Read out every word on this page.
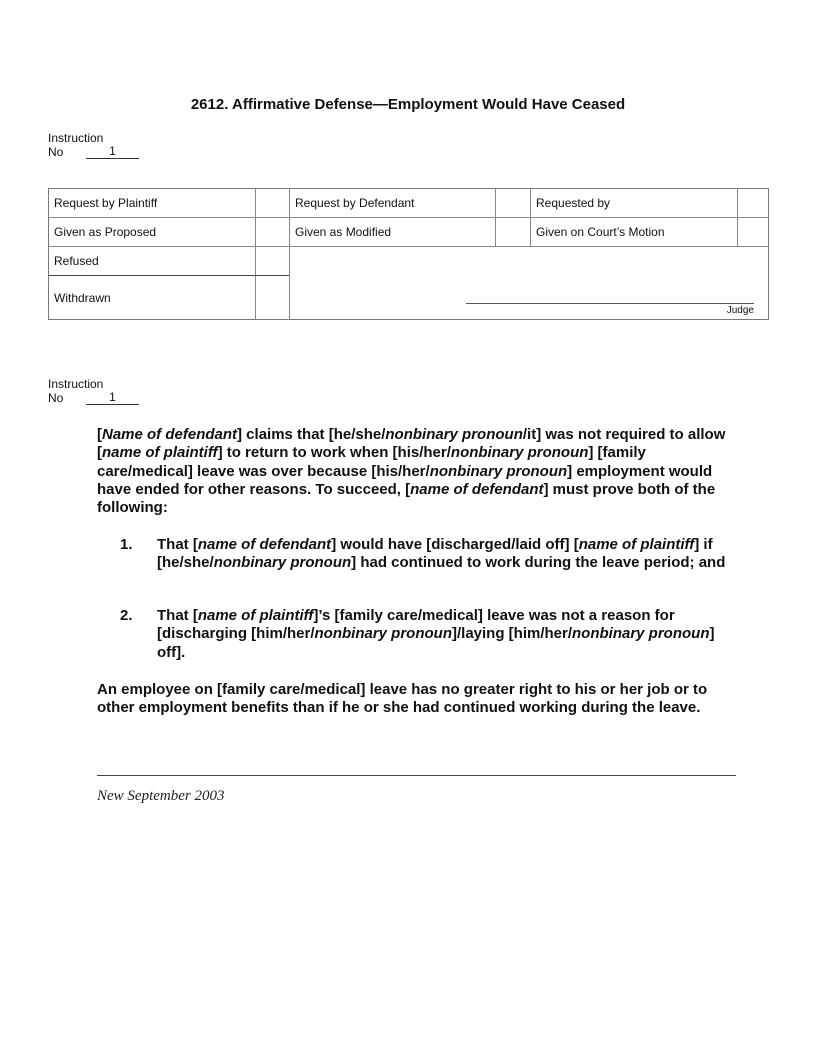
2612. Affirmative Defense—Employment Would Have Ceased
Instruction
No	1
Request by Plaintiff	Request by Defendant	Requested by
Given as Proposed	Given as Modified	Given on Court’s Motion
Refused
Withdrawn
Judge
Instruction
No	1
[Name of defendant] claims that [he/she/nonbinary pronoun/it] was not required to allow [name of plaintiff] to return to work when [his/her/nonbinary pronoun] [family care/medical] leave was over because [his/her/nonbinary pronoun] employment would have ended for other reasons. To succeed, [name of defendant] must prove both of the following:
1. That [name of defendant] would have [discharged/laid off] [name of plaintiff] if [he/she/nonbinary pronoun] had continued to work during the leave period; and
2. That [name of plaintiff]’s [family care/medical] leave was not a reason for [discharging [him/her/nonbinary pronoun]/laying [him/her/nonbinary pronoun] off].
An employee on [family care/medical] leave has no greater right to his or her job or to other employment benefits than if he or she had continued working during the leave.
New September 2003
